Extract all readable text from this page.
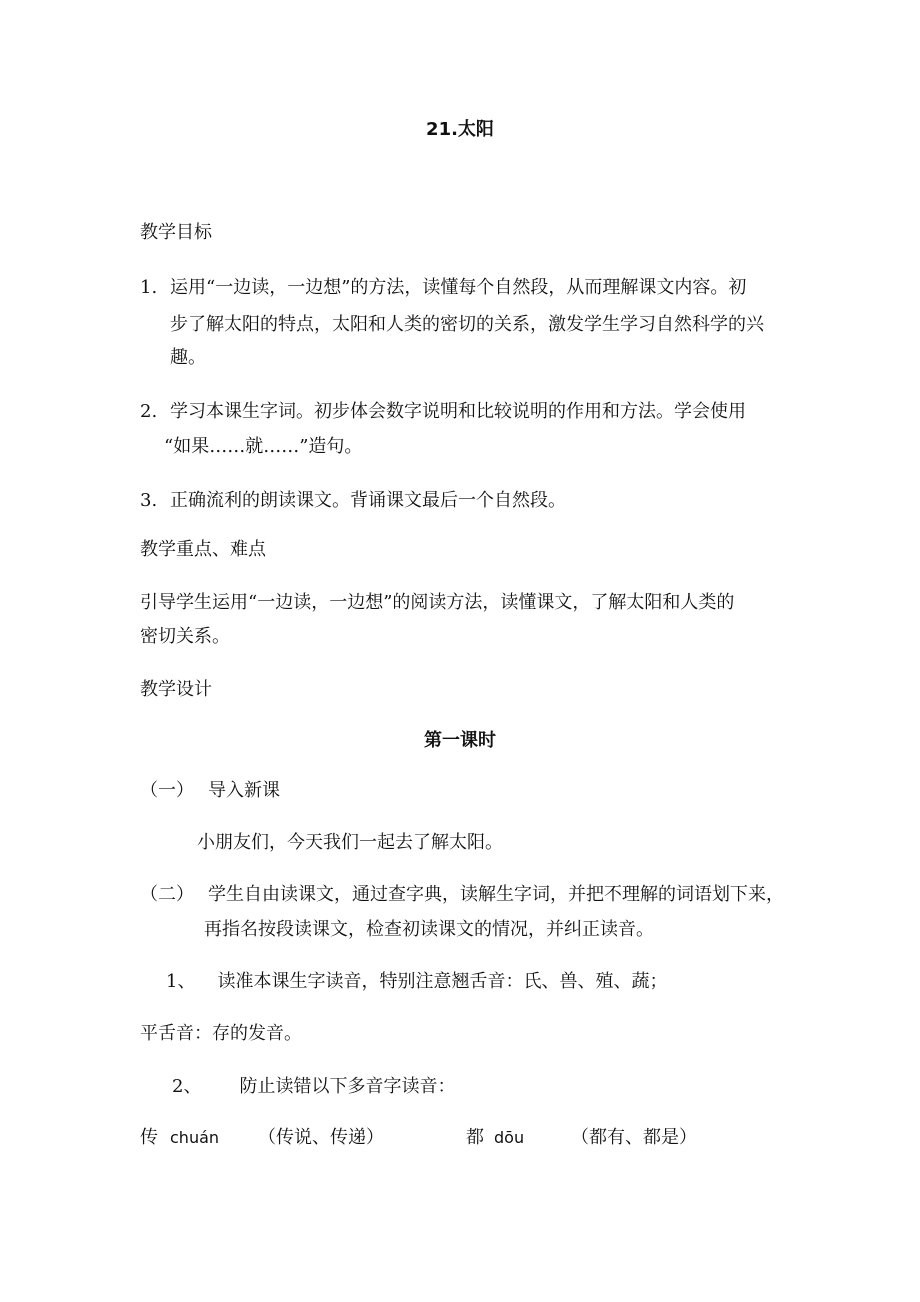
21.太阳
教学目标
1. 运用“一边读，一边想”的方法，读懂每个自然段，从而理解课文内容。初
步了解太阳的特点，太阳和人类的密切的关系，激发学生学习自然科学的兴
趣。
2. 学习本课生字词。初步体会数字说明和比较说明的作用和方法。学会使用
“如果……就……”造句。
3. 正确流利的朗读课文。背诵课文最后一个自然段。
教学重点、难点
引导学生运用“一边读，一边想”的阅读方法，读懂课文，了解太阳和人类的
密切关系。
教学设计
第一课时
（一） 导入新课
小朋友们，今天我们一起去了解太阳。
（二） 学生自由读课文，通过查字典，读解生字词，并把不理解的词语划下来，
再指名按段读课文，检查初读课文的情况，并纠正读音。
1、 读准本课生字读音，特别注意翘舌音：氏、兽、殖、蔬；
平舌音：存的发音。
2、 防止读错以下多音字读音：
传 chuán （传说、传递）	都 dōu	（都有、都是）
